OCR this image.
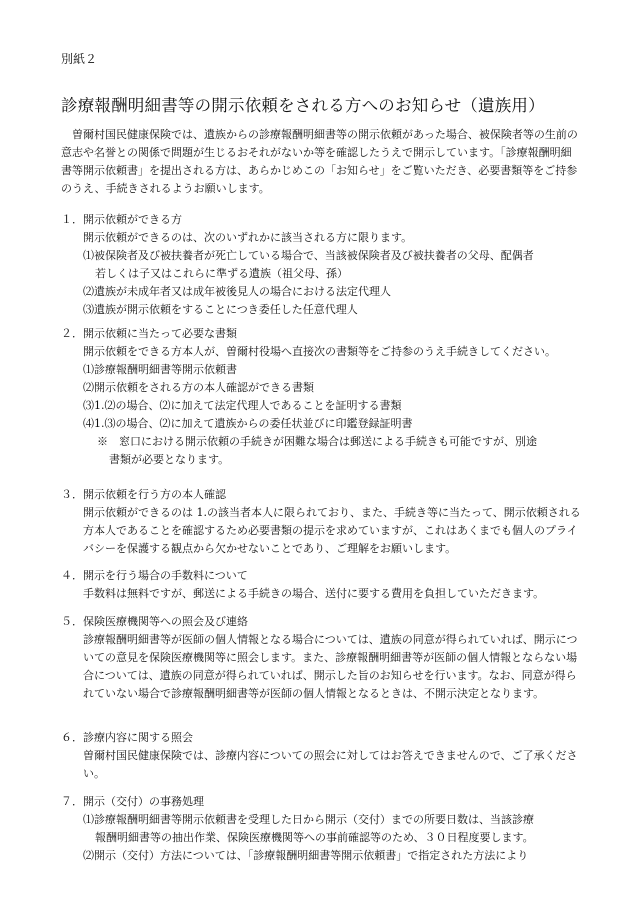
別紙２
診療報酬明細書等の開示依頼をされる方へのお知らせ（遺族用）
曽爾村国民健康保険では、遺族からの診療報酬明細書等の開示依頼があった場合、被保険者等の生前の意志や名誉との関係で問題が生じるおそれがないか等を確認したうえで開示しています。「診療報酬明細書等開示依頼書」を提出される方は、あらかじめこの「お知らせ」をご覧いただき、必要書類等をご持参のうえ、手続きされるようお願いします。
１．開示依頼ができる方
開示依頼ができるのは、次のいずれかに該当される方に限ります。
⑴被保険者及び被扶養者が死亡している場合で、当該被保険者及び被扶養者の父母、配偶者
若しくは子又はこれらに準ずる遺族（祖父母、孫）
⑵遺族が未成年者又は成年被後見人の場合における法定代理人
⑶遺族が開示依頼をすることにつき委任した任意代理人
２．開示依頼に当たって必要な書類
開示依頼をできる方本人が、曽爾村役場へ直接次の書類等をご持参のうえ手続きしてください。
⑴診療報酬明細書等開示依頼書
⑵開示依頼をされる方の本人確認ができる書類
⑶1.⑵の場合、⑵に加えて法定代理人であることを証明する書類
⑷1.⑶の場合、⑵に加えて遺族からの委任状並びに印鑑登録証明書
※　窓口における開示依頼の手続きが困難な場合は郵送による手続きも可能ですが、別途
書類が必要となります。
３．開示依頼を行う方の本人確認
開示依頼ができるのは 1.の該当者本人に限られており、また、手続き等に当たって、開示依頼される方本人であることを確認するため必要書類の提示を求めていますが、これはあくまでも個人のプライバシーを保護する観点から欠かせないことであり、ご理解をお願いします。
４．開示を行う場合の手数料について
手数料は無料ですが、郵送による手続きの場合、送付に要する費用を負担していただきます。
５．保険医療機関等への照会及び連絡
診療報酬明細書等が医師の個人情報となる場合については、遺族の同意が得られていれば、開示についての意見を保険医療機関等に照会します。また、診療報酬明細書等が医師の個人情報とならない場合については、遺族の同意が得られていれば、開示した旨のお知らせを行います。なお、同意が得られていない場合で診療報酬明細書等が医師の個人情報となるときは、不開示決定となります。
６．診療内容に関する照会
曽爾村国民健康保険では、診療内容についての照会に対してはお答えできませんので、ご了承ください。
７．開示（交付）の事務処理
⑴診療報酬明細書等開示依頼書を受理した日から開示（交付）までの所要日数は、当該診療
報酬明細書等の抽出作業、保険医療機関等への事前確認等のため、３０日程度要します。
⑵開示（交付）方法については、「診療報酬明細書等開示依頼書」で指定された方法により
